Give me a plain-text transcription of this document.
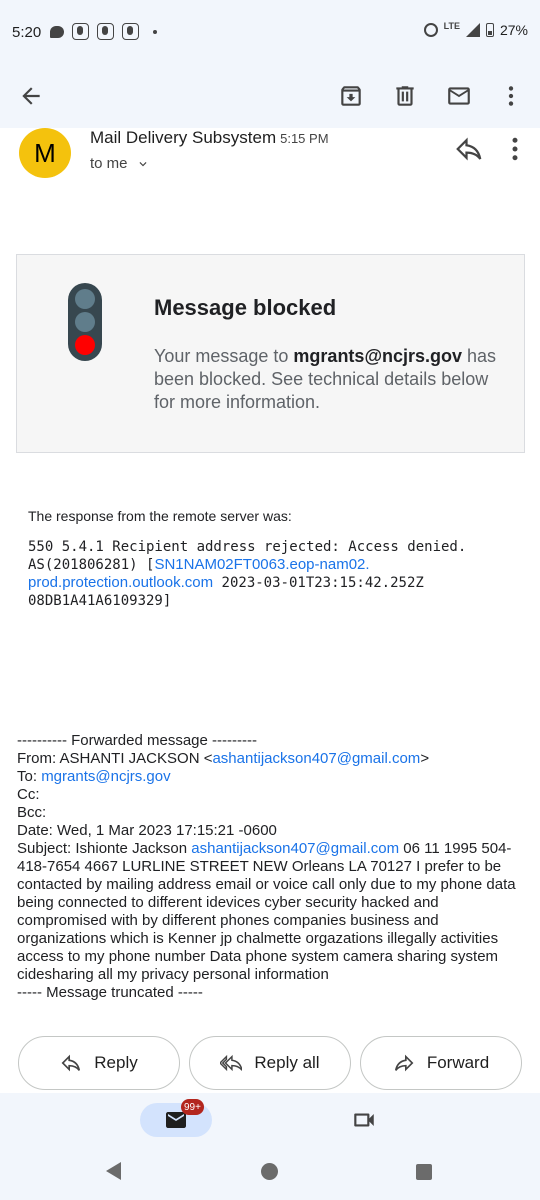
5:20	LTE	27%
M	Mail Delivery Subsystem 5:15 PM
to me
Message blocked
Your message to mgrants@ncjrs.gov has been blocked. See technical details below for more information.
The response from the remote server was:
550 5.4.1 Recipient address rejected: Access denied.
AS(201806281) [SN1NAM02FT0063.eop-nam02.
prod.protection.outlook.com 2023-03-01T23:15:42.252Z
08DB1A41A6109329]
---------- Forwarded message ---------
From: ASHANTI JACKSON <ashantijackson407@gmail.com>
To: mgrants@ncjrs.gov
Cc:
Bcc:
Date: Wed, 1 Mar 2023 17:15:21 -0600
Subject: Ishionte Jackson ashantijackson407@gmail.com 06 11 1995 504-418-7654 4667 LURLINE STREET NEW Orleans LA 70127 I prefer to be contacted by mailing address email or voice call only due to my phone data being connected to different idevices cyber security hacked and compromised with by different phones companies business and organizations which is Kenner jp chalmette orgazations illegally activities access to my phone number Data phone system camera sharing system cidesharing all my privacy personal information
----- Message truncated -----
Reply	Reply all	Forward
99+
